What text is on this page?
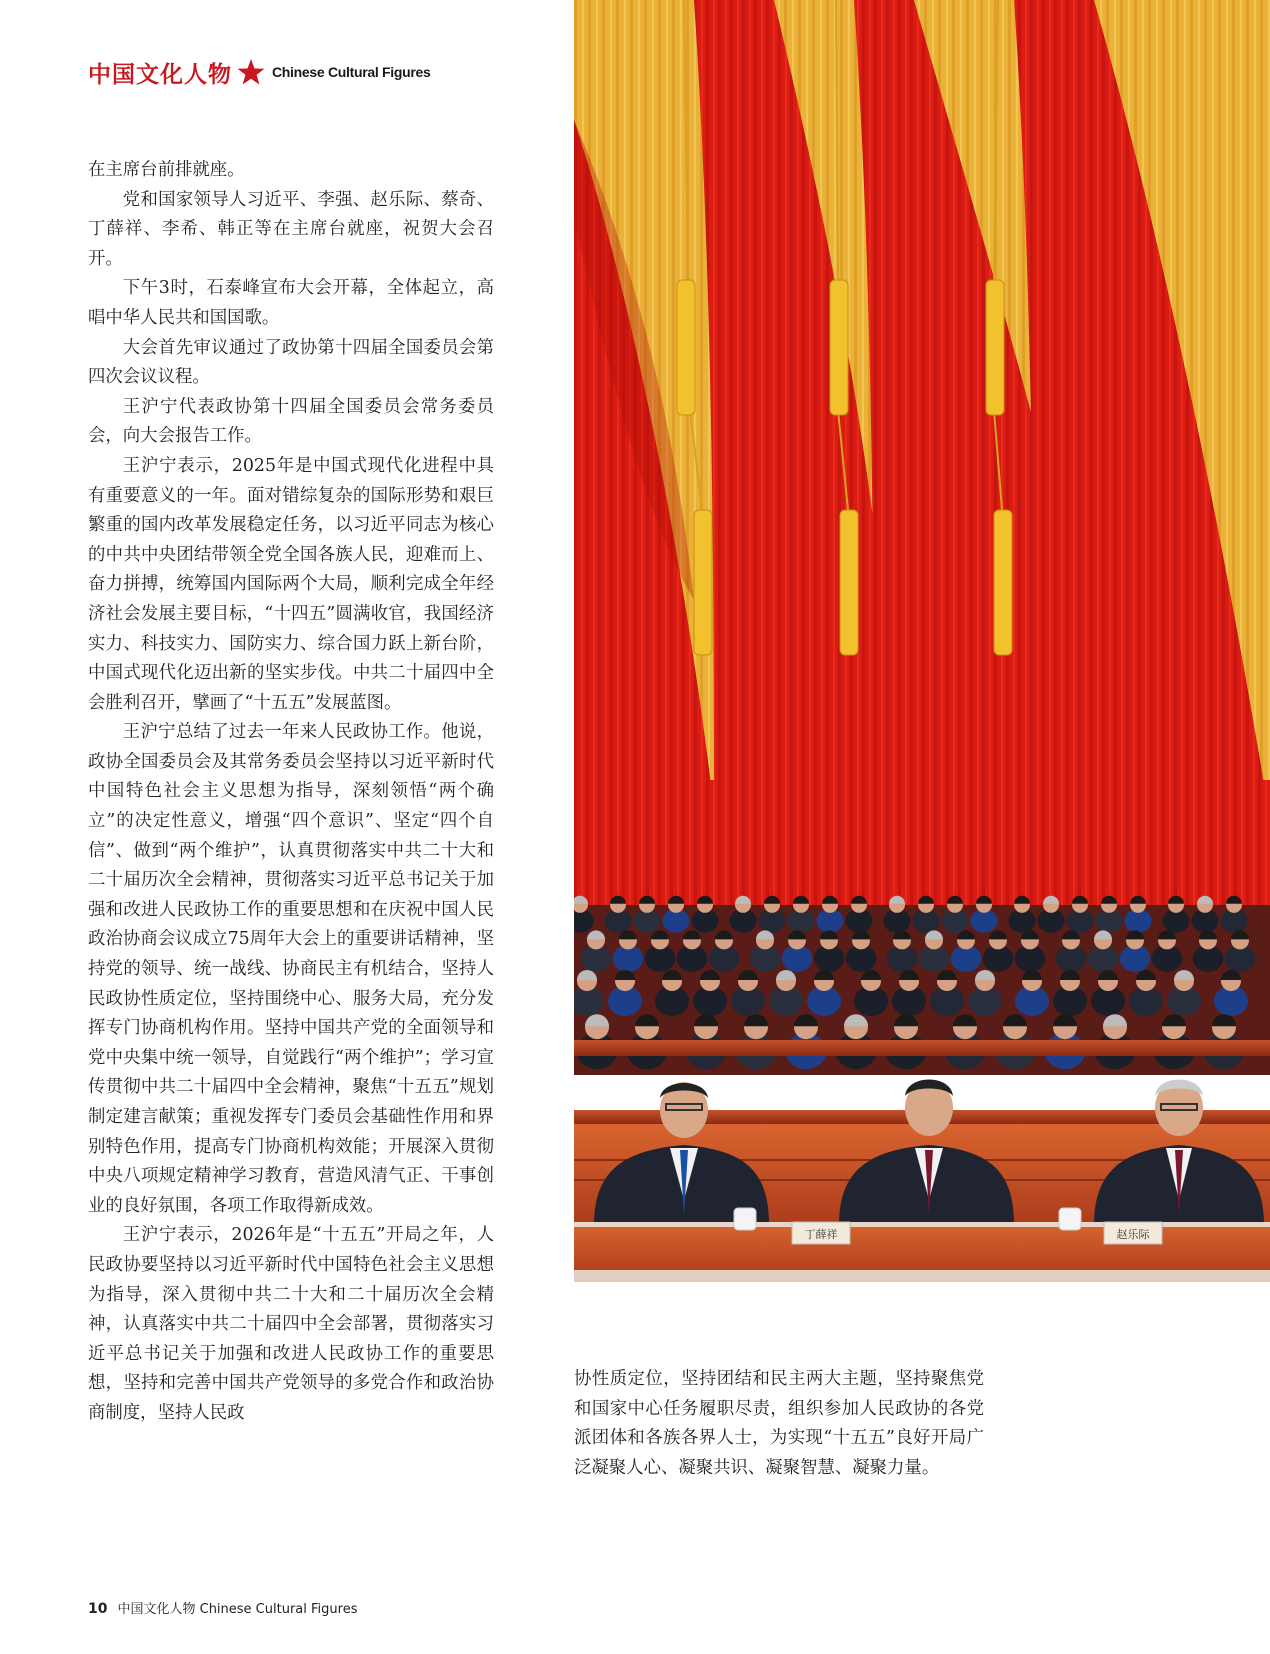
中国文化人物	Chinese Cultural Figures

在主席台前排就座。

党和国家领导人习近平、李强、赵乐际、蔡奇、丁薛祥、李希、韩正等在主席台就座，祝贺大会召开。

下午3时，石泰峰宣布大会开幕，全体起立，高唱中华人民共和国国歌。

大会首先审议通过了政协第十四届全国委员会第四次会议议程。

王沪宁代表政协第十四届全国委员会常务委员会，向大会报告工作。

王沪宁表示，2025年是中国式现代化进程中具有重要意义的一年。面对错综复杂的国际形势和艰巨繁重的国内改革发展稳定任务，以习近平同志为核心的中共中央团结带领全党全国各族人民，迎难而上、奋力拼搏，统筹国内国际两个大局，顺利完成全年经济社会发展主要目标，“十四五”圆满收官，我国经济实力、科技实力、国防实力、综合国力跃上新台阶，中国式现代化迈出新的坚实步伐。中共二十届四中全会胜利召开，擘画了“十五五”发展蓝图。

王沪宁总结了过去一年来人民政协工作。他说，政协全国委员会及其常务委员会坚持以习近平新时代中国特色社会主义思想为指导，深刻领悟“两个确立”的决定性意义，增强“四个意识”、坚定“四个自信”、做到“两个维护”，认真贯彻落实中共二十大和二十届历次全会精神，贯彻落实习近平总书记关于加强和改进人民政协工作的重要思想和在庆祝中国人民政治协商会议成立75周年大会上的重要讲话精神，坚持党的领导、统一战线、协商民主有机结合，坚持人民政协性质定位，坚持围绕中心、服务大局，充分发挥专门协商机构作用。坚持中国共产党的全面领导和党中央集中统一领导，自觉践行“两个维护”；学习宣传贯彻中共二十届四中全会精神，聚焦“十五五”规划制定建言献策；重视发挥专门委员会基础性作用和界别特色作用，提高专门协商机构效能；开展深入贯彻中央八项规定精神学习教育，营造风清气正、干事创业的良好氛围，各项工作取得新成效。

王沪宁表示，2026年是“十五五”开局之年，人民政协要坚持以习近平新时代中国特色社会主义思想为指导，深入贯彻中共二十大和二十届历次全会精神，认真落实中共二十届四中全会部署，贯彻落实习近平总书记关于加强和改进人民政协工作的重要思想，坚持和完善中国共产党领导的多党合作和政治协商制度，坚持人民政

协性质定位，坚持团结和民主两大主题，坚持聚焦党和国家中心任务履职尽责，组织参加人民政协的各党派团体和各族各界人士，为实现“十五五”良好开局广泛凝聚人心、凝聚共识、凝聚智慧、凝聚力量。

丁薛祥	赵乐际
10 中国文化人物 Chinese Cultural Figures
